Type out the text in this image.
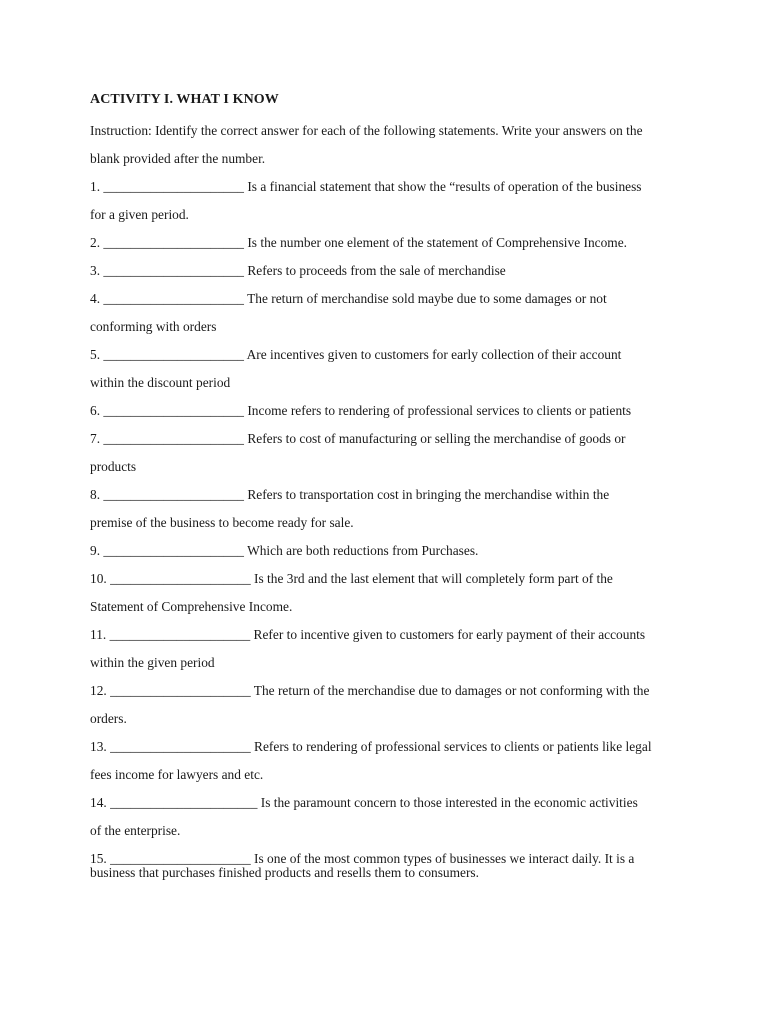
ACTIVITY I. WHAT I KNOW
Instruction: Identify the correct answer for each of the following statements. Write your answers on the
blank provided after the number.
1. _____________________ Is a financial statement that show the “results of operation of the business
for a given period.
2. _____________________ Is the number one element of the statement of Comprehensive Income.
3. _____________________ Refers to proceeds from the sale of merchandise
4. _____________________ The return of merchandise sold maybe due to some damages or not
conforming with orders
5. _____________________ Are incentives given to customers for early collection of their account
within the discount period
6. _____________________ Income refers to rendering of professional services to clients or patients
7. _____________________ Refers to cost of manufacturing or selling the merchandise of goods or
products
8. _____________________ Refers to transportation cost in bringing the merchandise within the
premise of the business to become ready for sale.
9. _____________________ Which are both reductions from Purchases.
10. _____________________ Is the 3rd and the last element that will completely form part of the
Statement of Comprehensive Income.
11. _____________________ Refer to incentive given to customers for early payment of their accounts
within the given period
12. _____________________ The return of the merchandise due to damages or not conforming with the
orders.
13. _____________________ Refers to rendering of professional services to clients or patients like legal
fees income for lawyers and etc.
14. ______________________ Is the paramount concern to those interested in the economic activities
of the enterprise.
15. _____________________ Is one of the most common types of businesses we interact daily. It is a
business that purchases finished products and resells them to consumers.
